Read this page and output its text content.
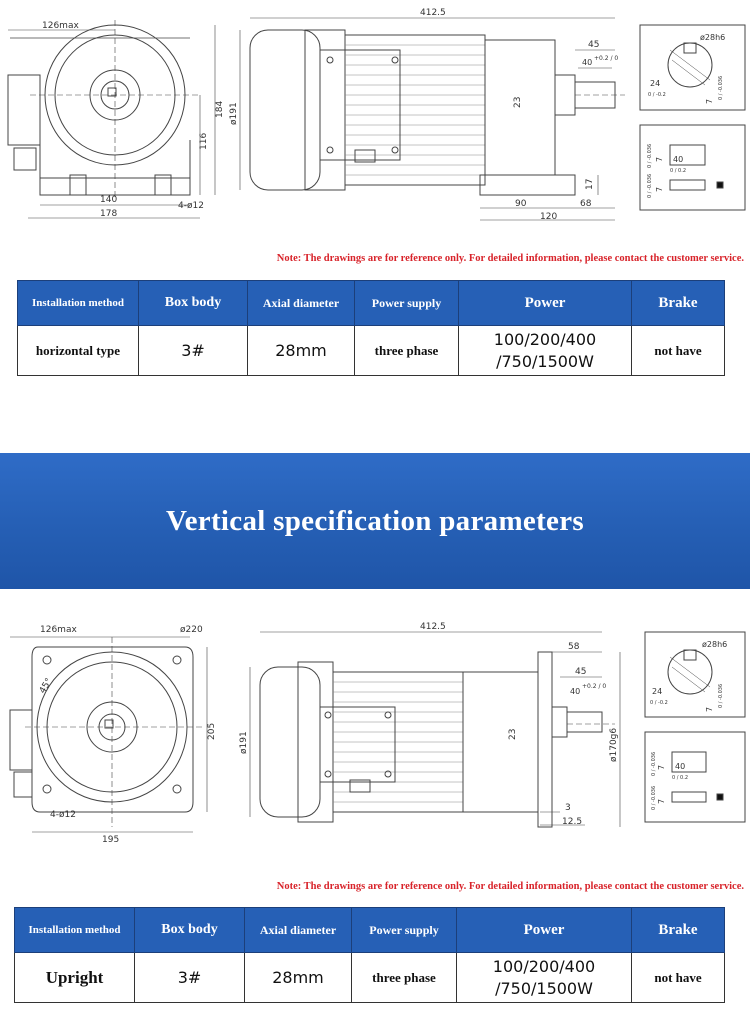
126max
140
178
4-ø12
184
116
412.5
45
40 +0.2 / 0
ø191
23
17
90
120
68
ø28h6
24
0 / -0.2
7
0 / -0.036
7
0 / -0.036	40
0 / 0.2
7
0 / -0.036
Note: The drawings are for reference only. For detailed information, please contact the customer service.
Installation method	Box body	Axial diameter	Power supply	Power	Brake
horizontal type	3#	28mm	three phase	100/200/400 /750/1500W	not have
Vertical specification parameters
126max	ø220
45°
205
4-ø12
195
412.5
58
45
40
+0.2 / 0
ø191	23	ø170g6
3
12.5
ø28h6
24
0 / -0.2
7
0 / -0.036
7
0 / -0.036 40
0 / 0.2
7
0 / -0.036
Note: The drawings are for reference only. For detailed information, please contact the customer service.
Installation method	Box body	Axial diameter	Power supply	Power	Brake
Upright	3#	28mm	three phase	100/200/400 /750/1500W	not have
